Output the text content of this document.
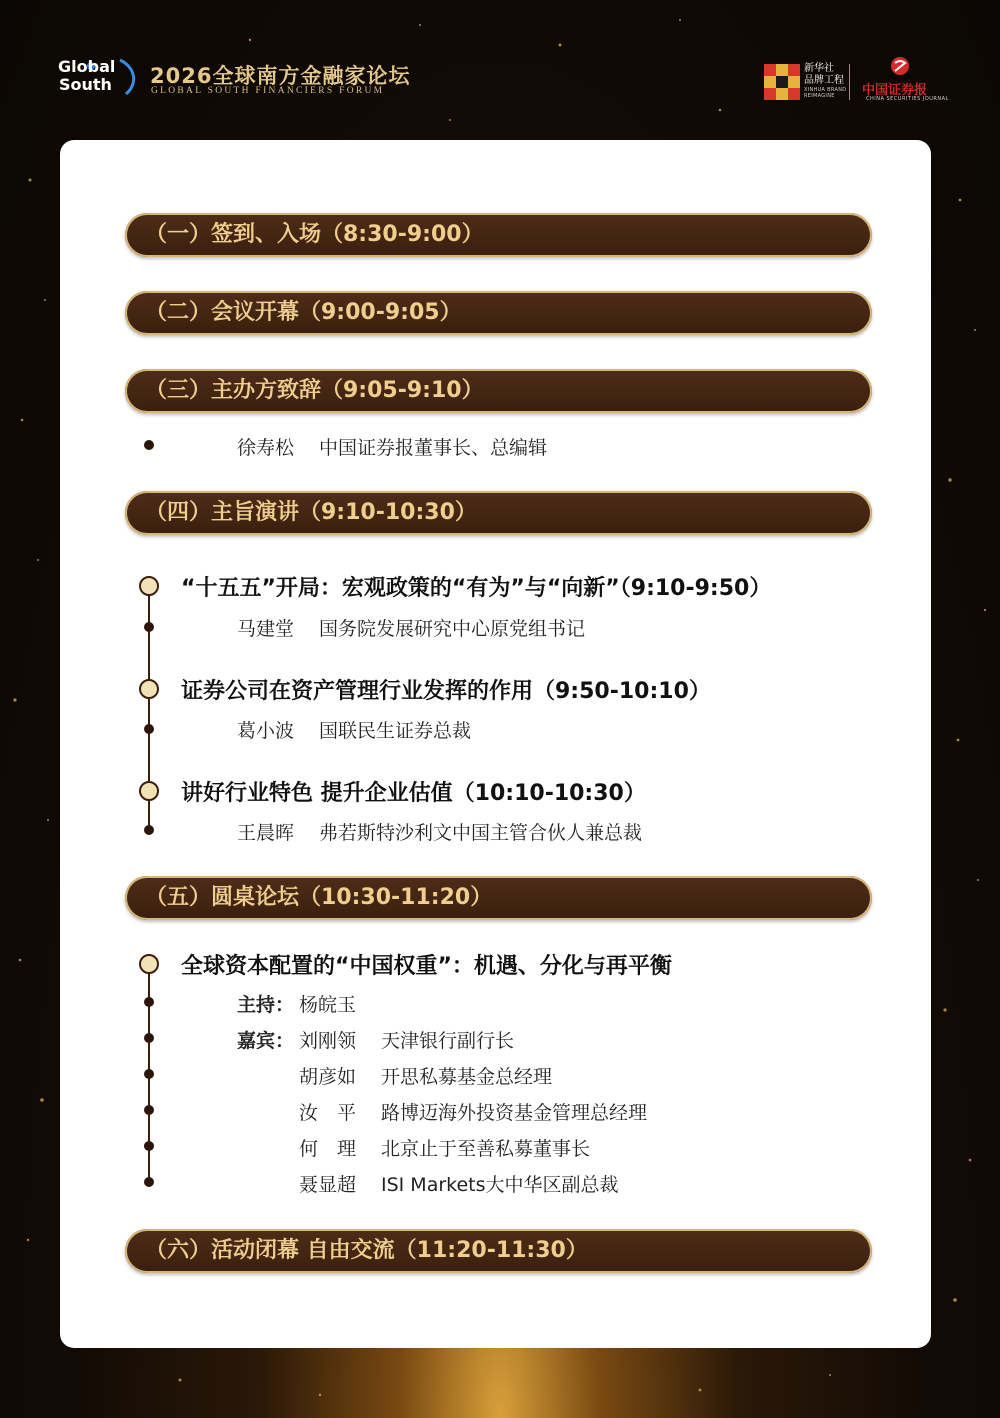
Global
South 2026全球南方金融家论坛
GLOBAL SOUTH FINANCIERS FORUM
新华社
品牌工程
XINHUA BRAND
REIMAGINE	中国证券报
CHINA SECURITIES JOURNAL
（一）签到、入场（8:30-9:00）
（二）会议开幕（9:00-9:05）
（三）主办方致辞（9:05-9:10）
徐寿松 中国证券报董事长、总编辑
（四）主旨演讲（9:10-10:30）
“十五五”开局：宏观政策的“有为”与“向新”（9:10-9:50）
马建堂 国务院发展研究中心原党组书记
证券公司在资产管理行业发挥的作用（9:50-10:10）
葛小波 国联民生证券总裁
讲好行业特色 提升企业估值（10:10-10:30）
王晨晖 弗若斯特沙利文中国主管合伙人兼总裁
（五）圆桌论坛（10:30-11:20）
全球资本配置的“中国权重”：机遇、分化与再平衡
主持： 杨皖玉
嘉宾： 刘刚领 天津银行副行长
胡彦如 开思私募基金总经理
汝　平 路博迈海外投资基金管理总经理
何　理 北京止于至善私募董事长
聂显超 ISI Markets大中华区副总裁
（六）活动闭幕 自由交流（11:20-11:30）
